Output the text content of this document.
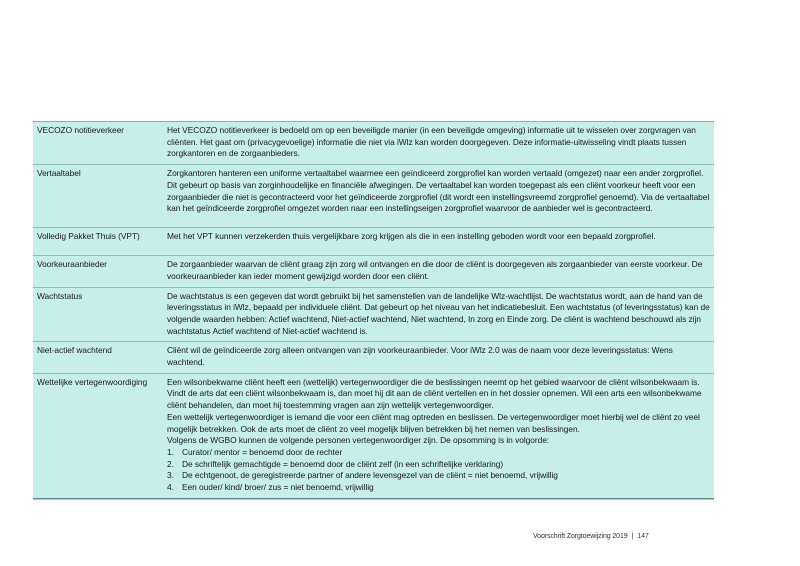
VECOZO notitieverkeer	Het VECOZO notitieverkeer is bedoeld om op een beveiligde manier (in een beveiligde omgeving) informatie uit te wisselen over zorgvragen van cliënten. Het gaat om (privacygevoelige) informatie die niet via iWlz kan worden doorgegeven. Deze informatie-uitwisseling vindt plaats tussen zorgkantoren en de zorgaanbieders.

Vertaaltabel	Zorgkantoren hanteren een uniforme vertaaltabel waarmee een geïndiceerd zorgprofiel kan worden vertaald (omgezet) naar een ander zorgprofiel. Dit gebeurt op basis van zorginhoudelijke en financiële afwegingen. De vertaaltabel kan worden toegepast als een cliënt voorkeur heeft voor een zorgaanbieder die niet is gecontracteerd voor het geïndiceerde zorgprofiel (dit wordt een instellingsvreemd zorgprofiel genoemd). Via de vertaaltabel kan het geïndiceerde zorgprofiel omgezet worden naar een instellingseigen zorgprofiel waarvoor de aanbieder wel is gecontracteerd.

Volledig Pakket Thuis (VPT)	Met het VPT kunnen verzekerden thuis vergelijkbare zorg krijgen als die in een instelling geboden wordt voor een bepaald zorgprofiel.

Voorkeuraanbieder	De zorgaanbieder waarvan de cliënt graag zijn zorg wil ontvangen en die door de cliënt is doorgegeven als zorgaanbieder van eerste voorkeur. De voorkeuraanbieder kan ieder moment gewijzigd worden door een cliënt.

Wachtstatus	De wachtstatus is een gegeven dat wordt gebruikt bij het samenstellen van de landelijke Wlz-wachtlijst. De wachtstatus wordt, aan de hand van de leveringsstatus in iWlz, bepaald per individuele cliënt. Dat gebeurt op het niveau van het indicatiebesluit. Een wachtstatus (of leveringsstatus) kan de volgende waarden hebben: Actief wachtend, Niet-actief wachtend, Niet wachtend, In zorg en Einde zorg. De cliënt is wachtend beschouwd als zijn wachtstatus Actief wachtend of Niet-actief wachtend is.

Niet-actief wachtend	Cliënt wil de geïndiceerde zorg alleen ontvangen van zijn voorkeuraanbieder. Voor iWlz 2.0 was de naam voor deze leveringsstatus: Wens wachtend.

Wettelijke vertegenwoordiging	Een wilsonbekwame cliënt heeft een (wettelijk) vertegenwoordiger die de beslissingen neemt op het gebied waarvoor de cliënt wilsonbekwaam is. Vindt de arts dat een cliënt wilsonbekwaam is, dan moet hij dit aan de cliënt vertellen en in het dossier opnemen. Wil een arts een wilsonbekwame cliënt behandelen, dan moet hij toestemming vragen aan zijn wettelijk vertegenwoordiger.

Een wettelijk vertegenwoordiger is iemand die voor een cliënt mag optreden en beslissen. De vertegenwoordiger moet hierbij wel de cliënt zo veel mogelijk betrekken. Ook de arts moet de cliënt zo veel mogelijk blijven betrekken bij het nemen van beslissingen.

Volgens de WGBO kunnen de volgende personen vertegenwoordiger zijn. De opsomming is in volgorde:

1. Curator/ mentor = benoemd door de rechter
2. De schriftelijk gemachtigde = benoemd door de cliënt zelf (in een schriftelijke verklaring)
3. De echtgenoot, de geregistreerde partner of andere levensgezel van de cliënt = niet benoemd, vrijwillig
4. Een ouder/ kind/ broer/ zus = niet benoemd, vrijwillig
Voorschrift Zorgtoewijzing 2019 | 147
